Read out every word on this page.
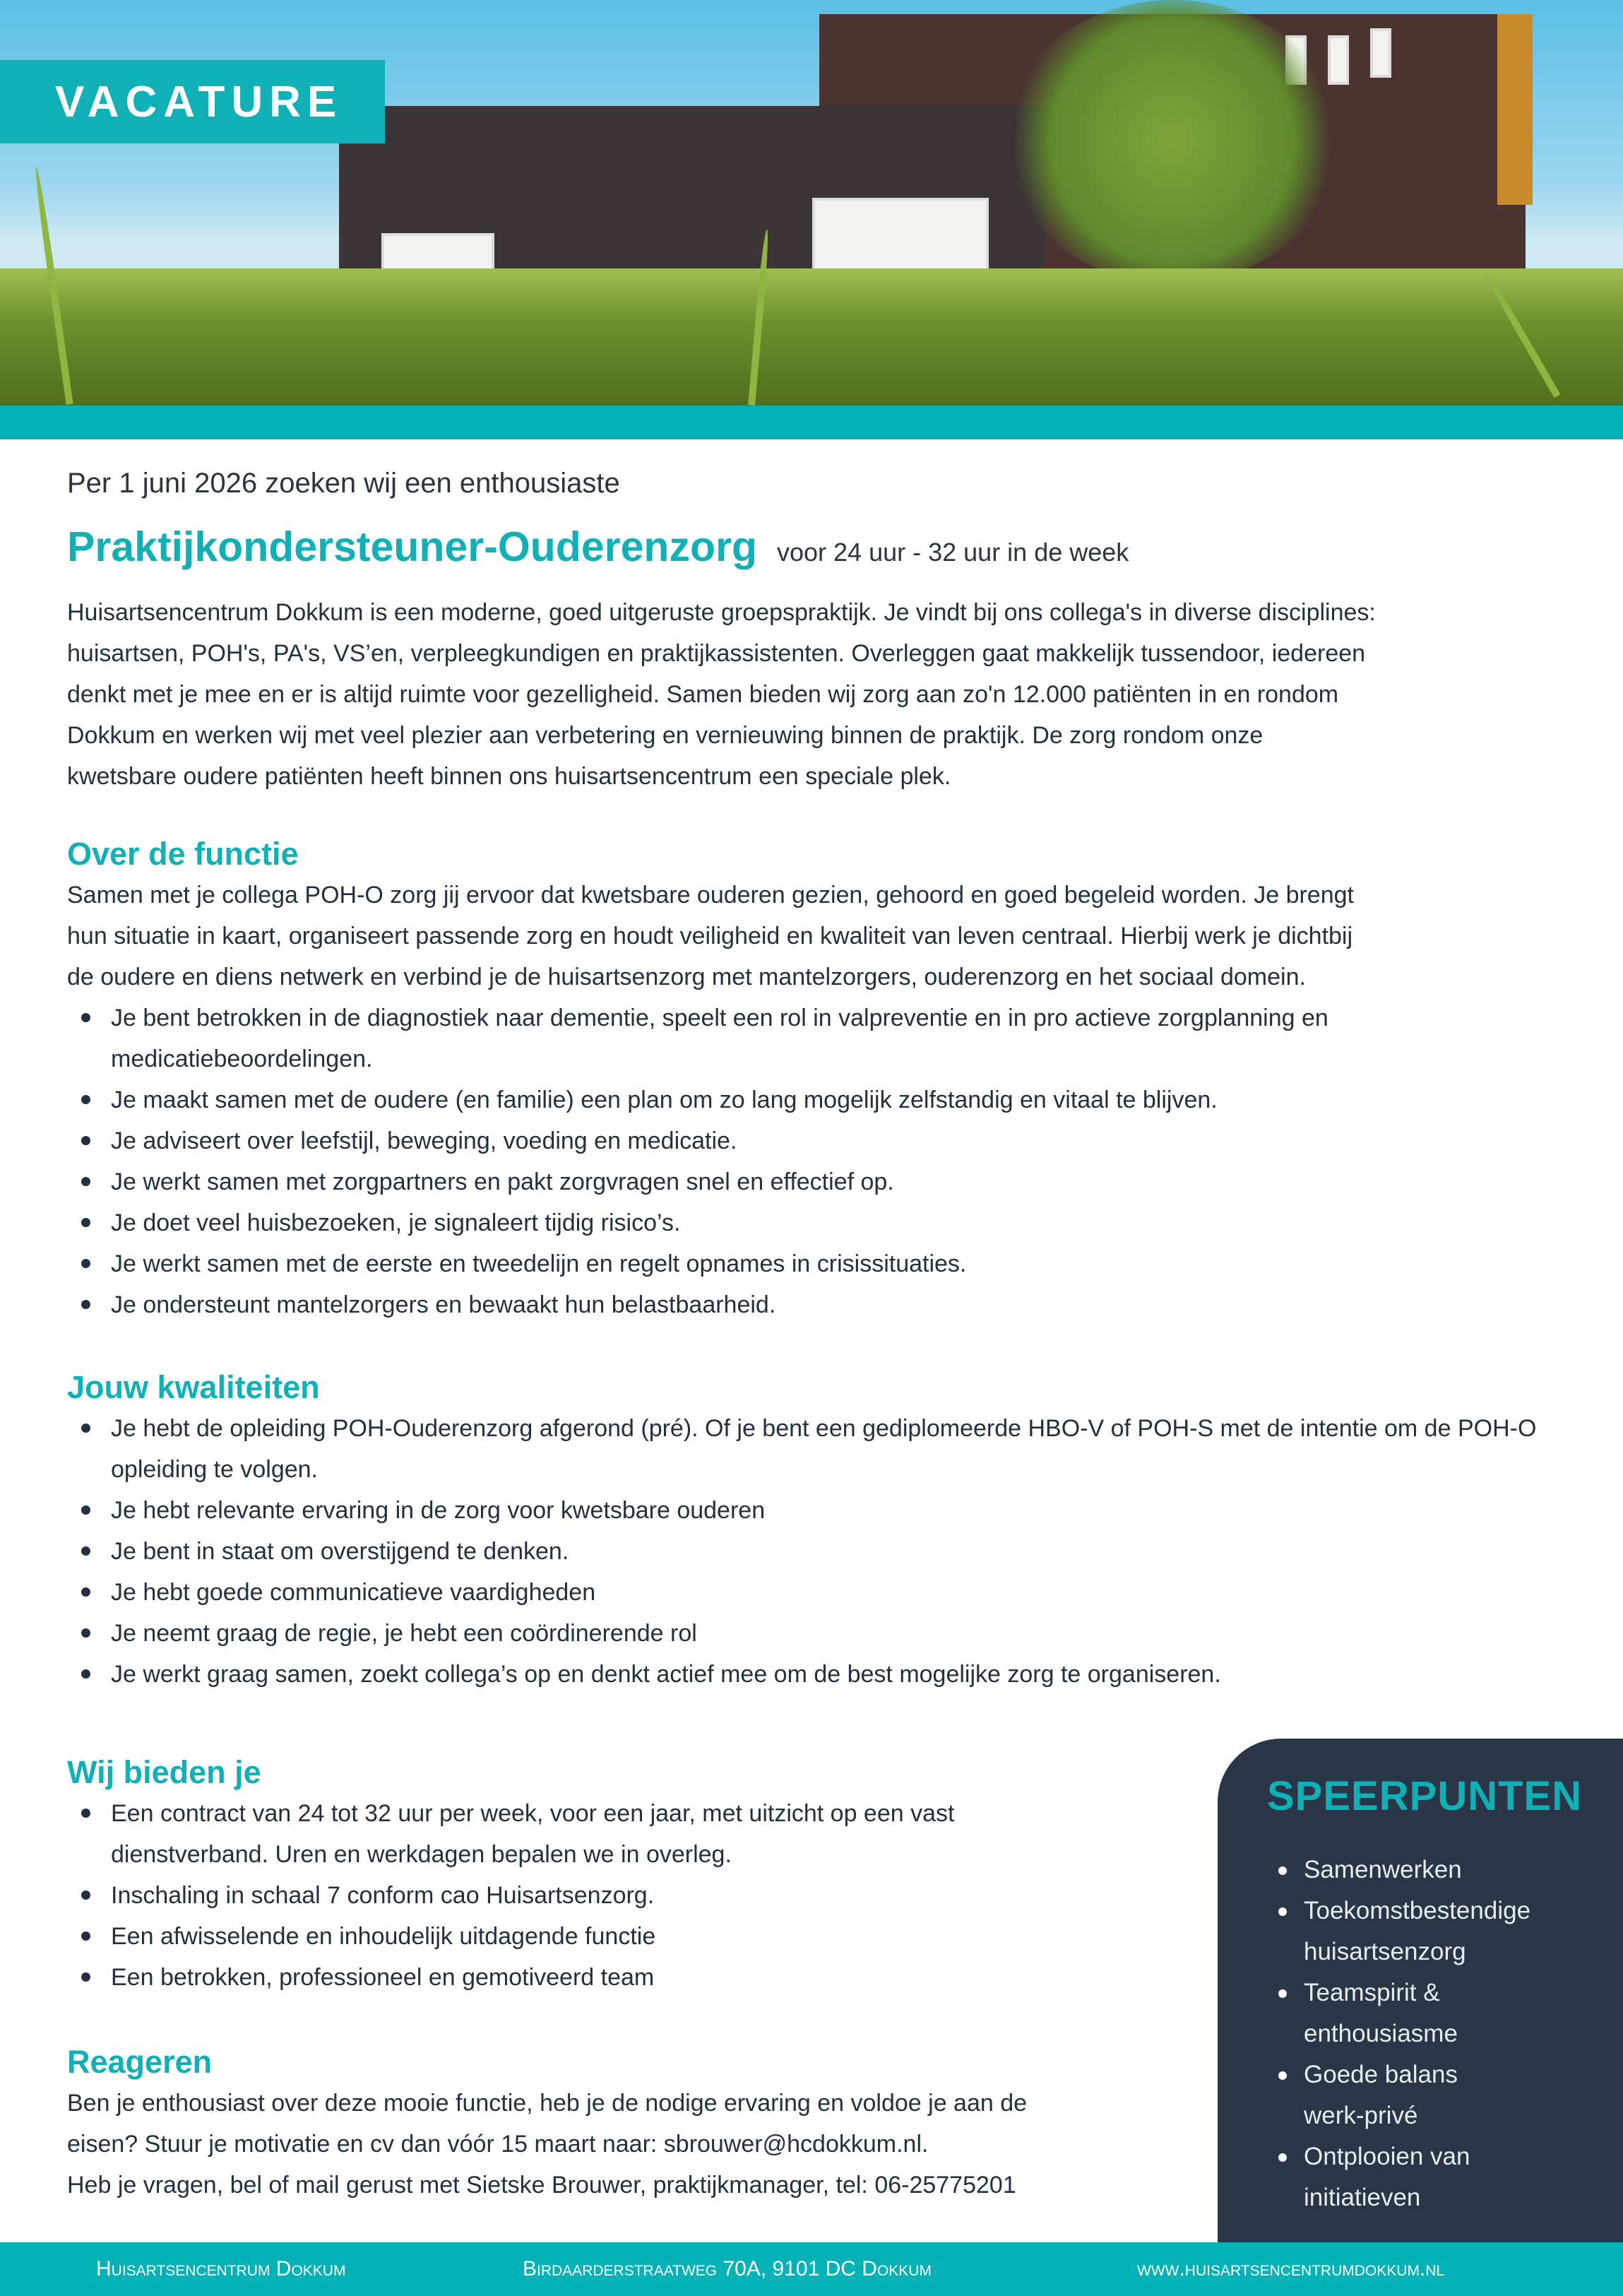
VACATURE
Per 1 juni 2026 zoeken wij een enthousiaste
Praktijkondersteuner-Ouderenzorg voor 24 uur - 32 uur in de week
Huisartsencentrum Dokkum is een moderne, goed uitgeruste groepspraktijk. Je vindt bij ons collega's in diverse disciplines:
huisartsen, POH's, PA's, VS’en, verpleegkundigen en praktijkassistenten. Overleggen gaat makkelijk tussendoor, iedereen
denkt met je mee en er is altijd ruimte voor gezelligheid. Samen bieden wij zorg aan zo'n 12.000 patiënten in en rondom
Dokkum en werken wij met veel plezier aan verbetering en vernieuwing binnen de praktijk. De zorg rondom onze
kwetsbare oudere patiënten heeft binnen ons huisartsencentrum een speciale plek.
Over de functie
Samen met je collega POH-O zorg jij ervoor dat kwetsbare ouderen gezien, gehoord en goed begeleid worden. Je brengt
hun situatie in kaart, organiseert passende zorg en houdt veiligheid en kwaliteit van leven centraal. Hierbij werk je dichtbij
de oudere en diens netwerk en verbind je de huisartsenzorg met mantelzorgers, ouderenzorg en het sociaal domein.
Je bent betrokken in de diagnostiek naar dementie, speelt een rol in valpreventie en in pro actieve zorgplanning en medicatiebeoordelingen.
Je maakt samen met de oudere (en familie) een plan om zo lang mogelijk zelfstandig en vitaal te blijven.
Je adviseert over leefstijl, beweging, voeding en medicatie.
Je werkt samen met zorgpartners en pakt zorgvragen snel en effectief op.
Je doet veel huisbezoeken, je signaleert tijdig risico’s.
Je werkt samen met de eerste en tweedelijn en regelt opnames in crisissituaties.
Je ondersteunt mantelzorgers en bewaakt hun belastbaarheid.
Jouw kwaliteiten
Je hebt de opleiding POH-Ouderenzorg afgerond (pré). Of je bent een gediplomeerde HBO-V of POH-S met de intentie om de POH-O opleiding te volgen.
Je hebt relevante ervaring in de zorg voor kwetsbare ouderen
Je bent in staat om overstijgend te denken.
Je hebt goede communicatieve vaardigheden
Je neemt graag de regie, je hebt een coördinerende rol
Je werkt graag samen, zoekt collega’s op en denkt actief mee om de best mogelijke zorg te organiseren.
Wij bieden je
Een contract van 24 tot 32 uur per week, voor een jaar, met uitzicht op een vast dienstverband. Uren en werkdagen bepalen we in overleg.
Inschaling in schaal 7 conform cao Huisartsenzorg.
Een afwisselende en inhoudelijk uitdagende functie
Een betrokken, professioneel en gemotiveerd team
Reageren
Ben je enthousiast over deze mooie functie, heb je de nodige ervaring en voldoe je aan de
eisen? Stuur je motivatie en cv dan vóór 15 maart naar: sbrouwer@hcdokkum.nl.
Heb je vragen, bel of mail gerust met Sietske Brouwer, praktijkmanager, tel: 06-25775201
SPEERPUNTEN
Samenwerken
Toekomstbestendige huisartsenzorg
Teamspirit & enthousiasme
Goede balans werk-privé
Ontplooien van initiatieven
Huisartsencentrum Dokkum	Birdaarderstraatweg 70A, 9101 DC Dokkum	www.huisartsencentrumdokkum.nl
